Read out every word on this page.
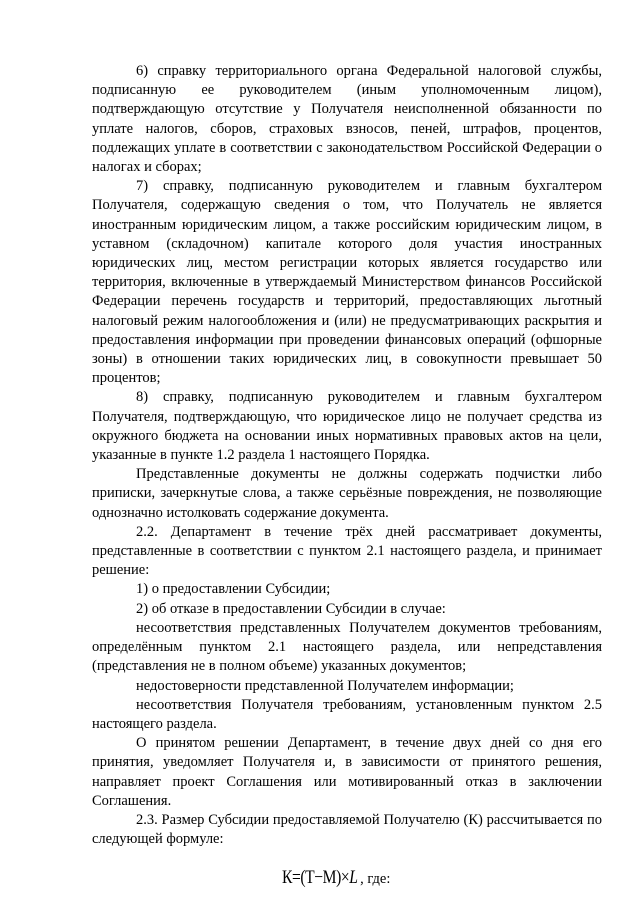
6) справку территориального органа Федеральной налоговой службы, подписанную ее руководителем (иным уполномоченным лицом), подтверждающую отсутствие у Получателя неисполненной обязанности по уплате налогов, сборов, страховых взносов, пеней, штрафов, процентов, подлежащих уплате в соответствии с законодательством Российской Федерации о налогах и сборах;

7) справку, подписанную руководителем и главным бухгалтером Получателя, содержащую сведения о том, что Получатель не является иностранным юридическим лицом, а также российским юридическим лицом, в уставном (складочном) капитале которого доля участия иностранных юридических лиц, местом регистрации которых является государство или территория, включенные в утверждаемый Министерством финансов Российской Федерации перечень государств и территорий, предоставляющих льготный налоговый режим налогообложения и (или) не предусматривающих раскрытия и предоставления информации при проведении финансовых операций (офшорные зоны) в отношении таких юридических лиц, в совокупности превышает 50 процентов;

8) справку, подписанную руководителем и главным бухгалтером Получателя, подтверждающую, что юридическое лицо не получает средства из окружного бюджета на основании иных нормативных правовых актов на цели, указанные в пункте 1.2 раздела 1 настоящего Порядка.

Представленные документы не должны содержать подчистки либо приписки, зачеркнутые слова, а также серьёзные повреждения, не позволяющие однозначно истолковать содержание документа.

2.2. Департамент в течение трёх дней рассматривает документы, представленные в соответствии с пунктом 2.1 настоящего раздела, и принимает решение:

1) о предоставлении Субсидии;

2) об отказе в предоставлении Субсидии в случае:

несоответствия представленных Получателем документов требованиям, определённым пунктом 2.1 настоящего раздела, или непредставления (представления не в полном объеме) указанных документов;

недостоверности представленной Получателем информации;

несоответствия Получателя требованиям, установленным пунктом 2.5 настоящего раздела.

О принятом решении Департамент, в течение двух дней со дня его принятия, уведомляет Получателя и, в зависимости от принятого решения, направляет проект Соглашения или мотивированный отказ в заключении Соглашения.

2.3. Размер Субсидии предоставляемой Получателю (К) рассчитывается по следующей формуле:

К=(Т−М)×L , где:
